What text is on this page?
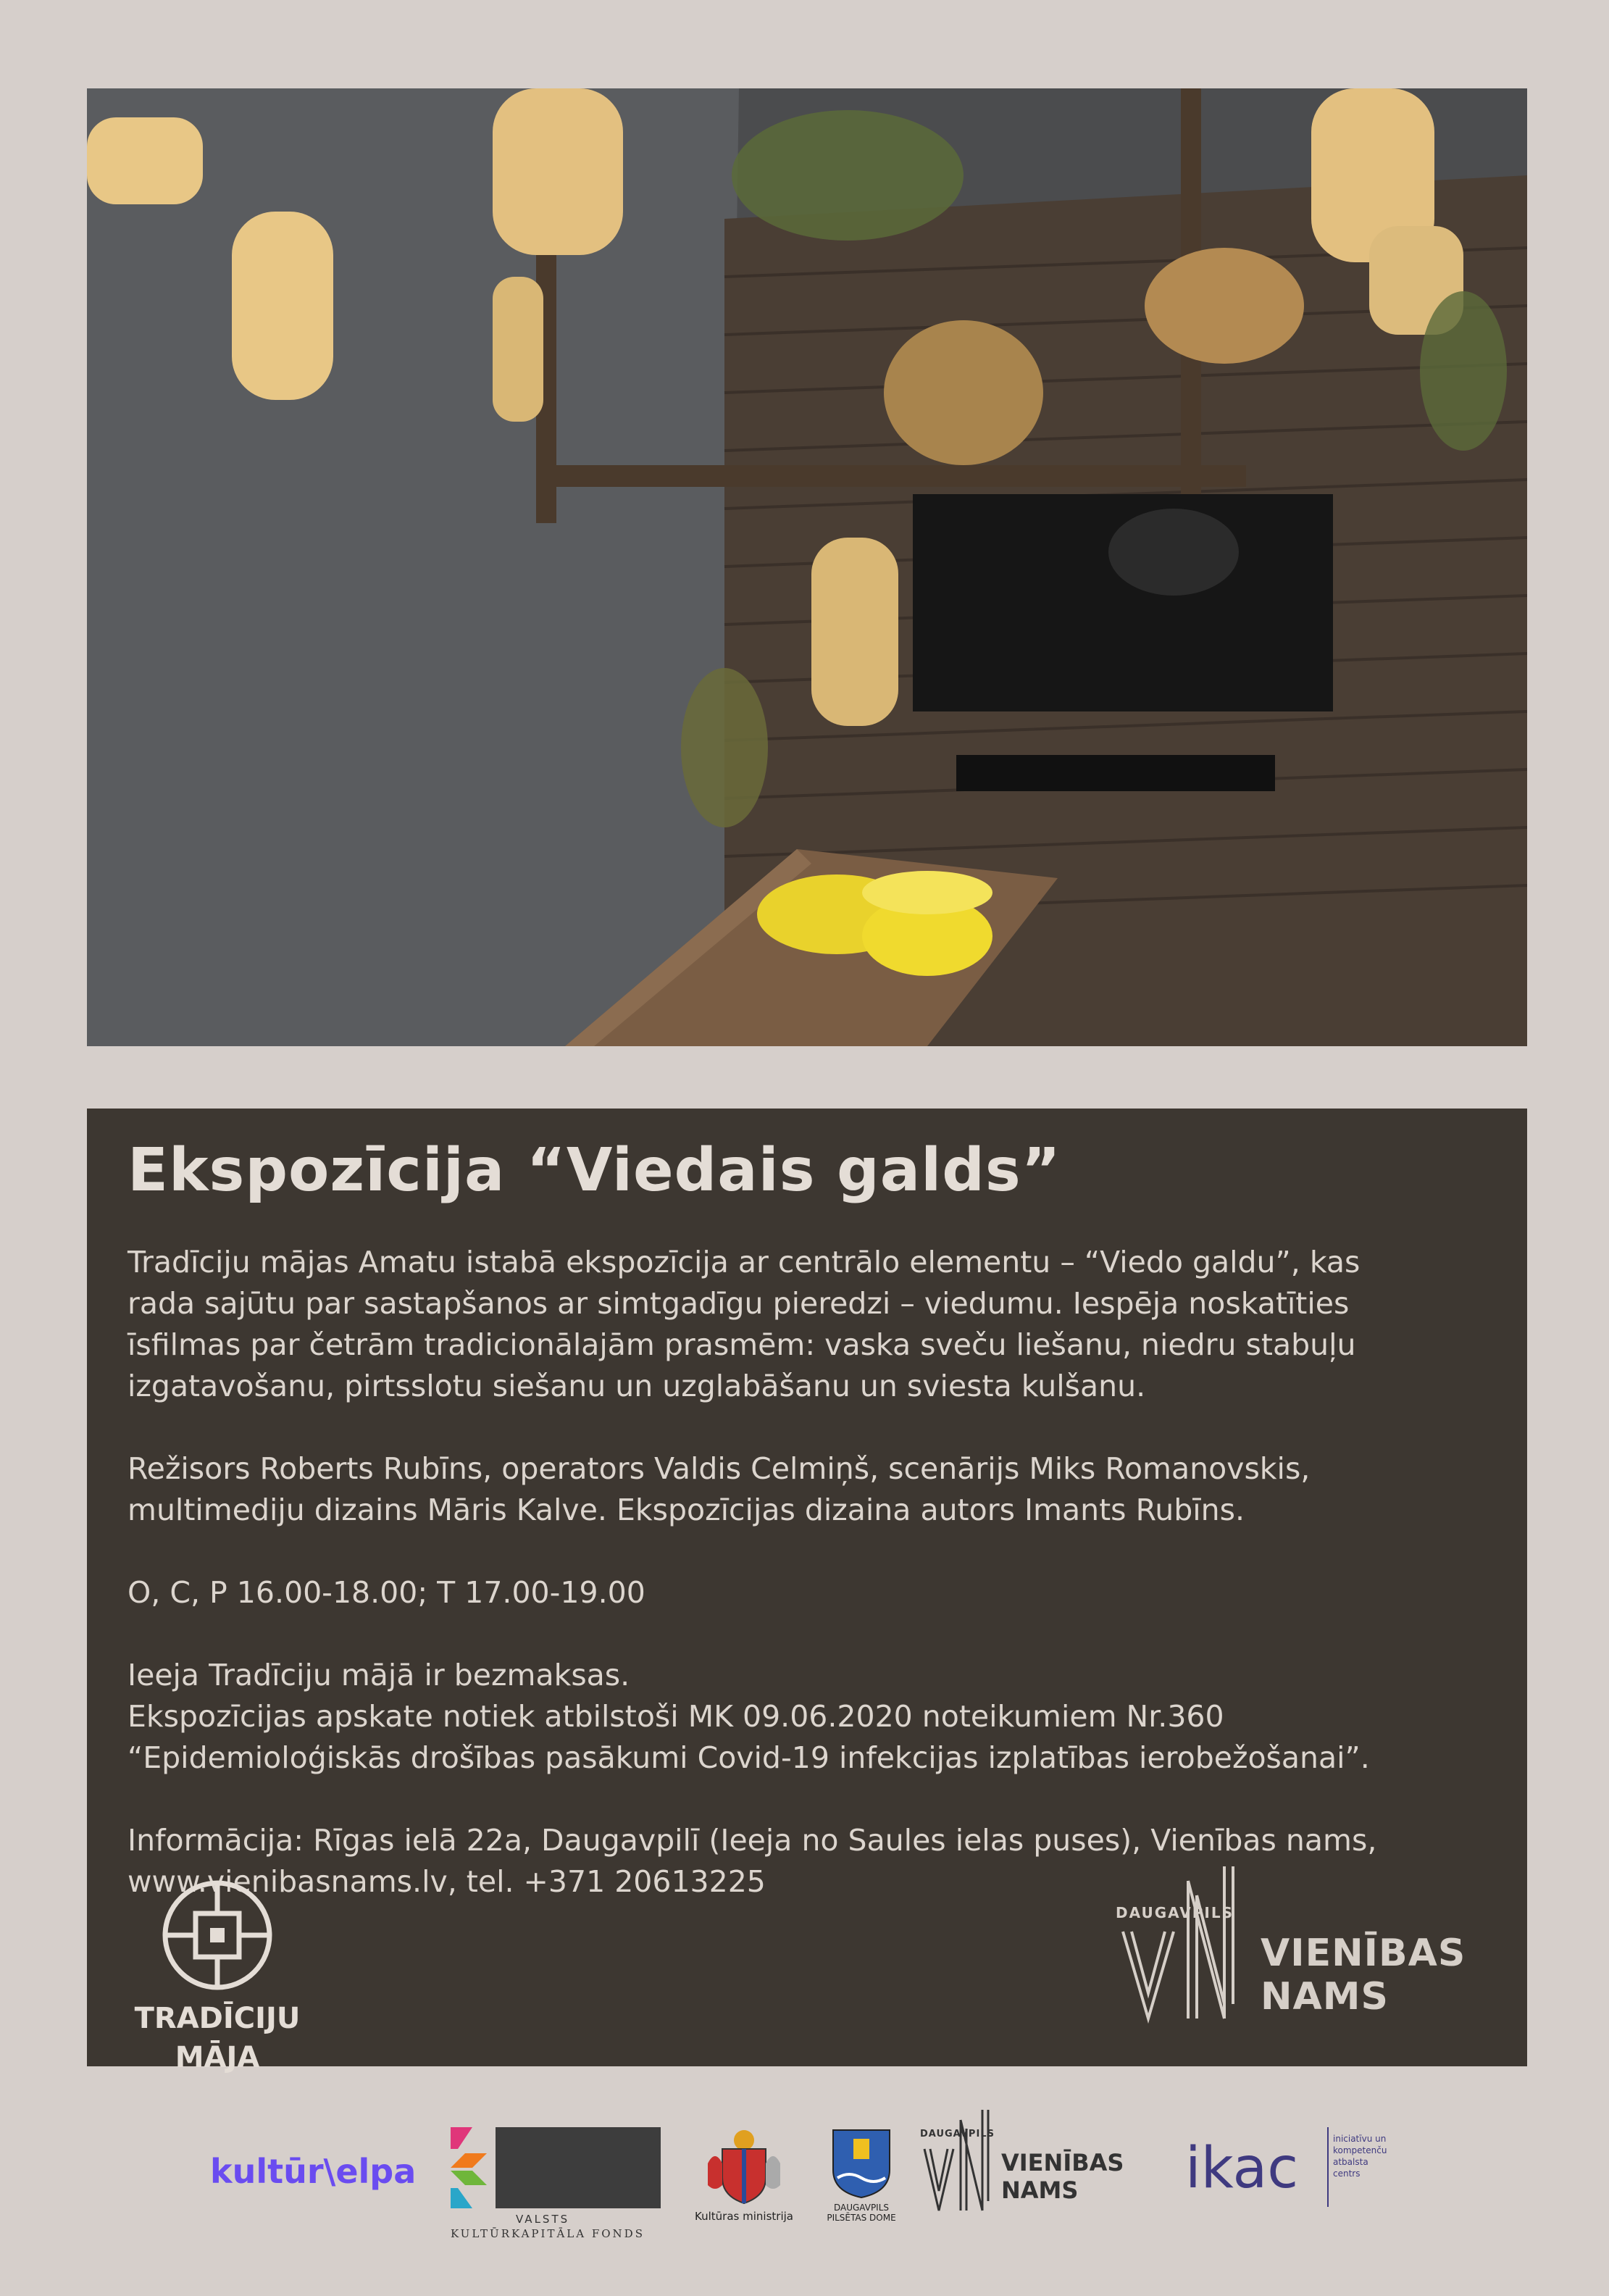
Ekspozīcija “Viedais galds”

Tradīciju mājas Amatu istabā ekspozīcija ar centrālo elementu – “Viedo galdu”, kas
rada sajūtu par sastapšanos ar simtgadīgu pieredzi – viedumu. Iespēja noskatīties
īsfilmas par četrām tradicionālajām prasmēm: vaska sveču liešanu, niedru stabuļu
izgatavošanu, pirtsslotu siešanu un uzglabāšanu un sviesta kulšanu.

Režisors Roberts Rubīns, operators Valdis Celmiņš, scenārijs Miks Romanovskis,
multimediju dizains Māris Kalve. Ekspozīcijas dizaina autors Imants Rubīns.

O, C, P 16.00-18.00; T 17.00-19.00

Ieeja Tradīciju mājā ir bezmaksas.
Ekspozīcijas apskate notiek atbilstoši MK 09.06.2020 noteikumiem Nr.360
“Epidemioloģiskās drošības pasākumi Covid-19 infekcijas izplatības ierobežošanai”.

Informācija: Rīgas ielā 22a, Daugavpilī (Ieeja no Saules ielas puses), Vienības nams,
www.vienibasnams.lv, tel. +371 20613225

TRADĪCIJU
MĀJA
DAUGAVPILS
VIENĪBAS NAMS
kultūr\elpa
VALSTS
KULTŪRKAPITĀLA FONDS
Kultūras ministrija
DAUGAVPILS
PILSĒTAS DOME
DAUGAVPILS
VIENĪBAS NAMS	ikac	iniciatīvu un
kompetenču
atbalsta
centrs
